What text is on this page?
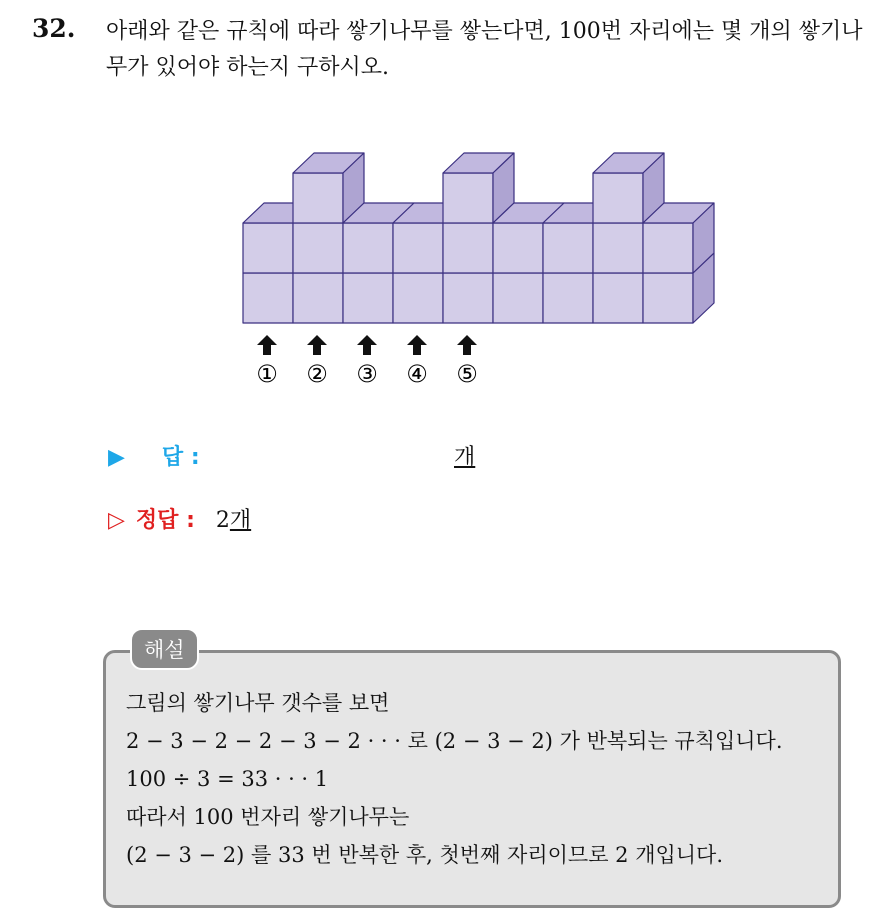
32. 아래와 같은 규칙에 따라 쌓기나무를 쌓는다면, 100번 자리에는 몇 개의 쌓기나무가 있어야 하는지 구하시오.
① ② ③ ④ ⑤
▶ 답 :	개
▷ 정답 : 2개
해설
그림의 쌓기나무 갯수를 보면
2 − 3 − 2 − 2 − 3 − 2 · · · 로 (2 − 3 − 2) 가 반복되는 규칙입니다.
100 ÷ 3 = 33 · · · 1
따라서 100 번자리 쌓기나무는
(2 − 3 − 2) 를 33 번 반복한 후, 첫번째 자리이므로 2 개입니다.
